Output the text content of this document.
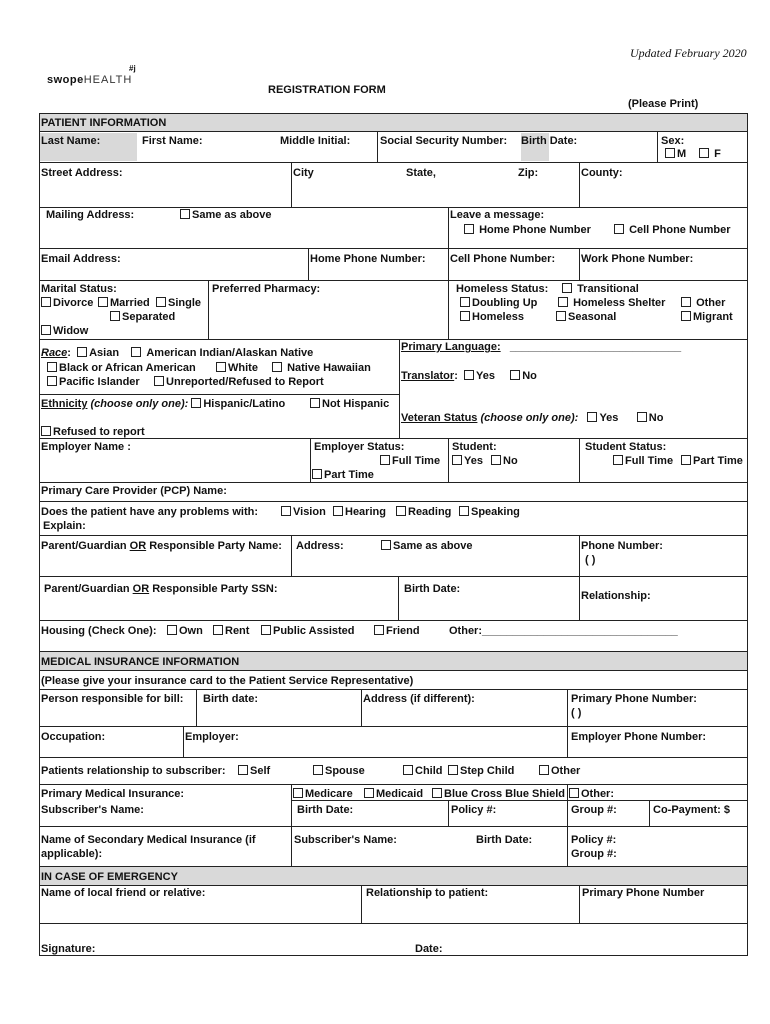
Updated February 2020
swopeHEALTH
#j
REGISTRATION FORM
(Please Print)
PATIENT INFORMATION
Last Name:	First Name:	Middle Initial:	Social Security Number: Birth Date:	Sex:
M	F
Street Address:	City	State,	Zip:	County:
Mailing Address:	Same as above	Leave a message:
Home Phone Number	Cell Phone Number
Email Address:	Home Phone Number: Cell Phone Number: Work Phone Number:
Marital Status:
Divorce	Married	Single
Separated
Widow
Preferred Pharmacy:	Homeless Status:	Transitional
Doubling Up	Homeless Shelter	Other
Homeless	Seasonal	Migrant
Race:  Asian American Indian/Alaskan Native
Black or African American	White	Native Hawaiian
Pacific Islander	Unreported/Refused to Report
Primary Language: ____________________________
Translator:  Yes No
Ethnicity (choose only one): Hispanic/Latino	Not Hispanic
Veteran Status (choose only one): Yes	No
Refused to report
Employer Name :	Employer Status:
Full Time
Part Time
Student:
Yes	No
Student Status:
Full Time	Part Time
Primary Care Provider (PCP) Name:
Does the patient have any problems with:	Vision	Hearing	Reading	Speaking
Explain:
Parent/Guardian OR Responsible Party Name: Address:	Same as above	Phone Number:
( )
Parent/Guardian OR Responsible Party SSN:	Birth Date:
Relationship:
Housing (Check One):	Own	Rent	Public Assisted	Friend	Other:________________________________
MEDICAL INSURANCE INFORMATION
(Please give your insurance card to the Patient Service Representative)
Person responsible for bill: Birth date:	Address (if different):	Primary Phone Number:
( )
Occupation:	Employer:	Employer Phone Number:
Patients relationship to subscriber:	Self	Spouse	Child	Step Child	Other
Primary Medical Insurance:	Medicare	Medicaid	Blue Cross Blue Shield	Other:
Subscriber's Name:	Birth Date:	Policy #:	Group #:	Co-Payment: $
Name of Secondary Medical Insurance (if
applicable):
Subscriber's Name:	Birth Date:	Policy #:
Group #:
IN CASE OF EMERGENCY
Name of local friend or relative:	Relationship to patient:	Primary Phone Number
Signature:	Date:
